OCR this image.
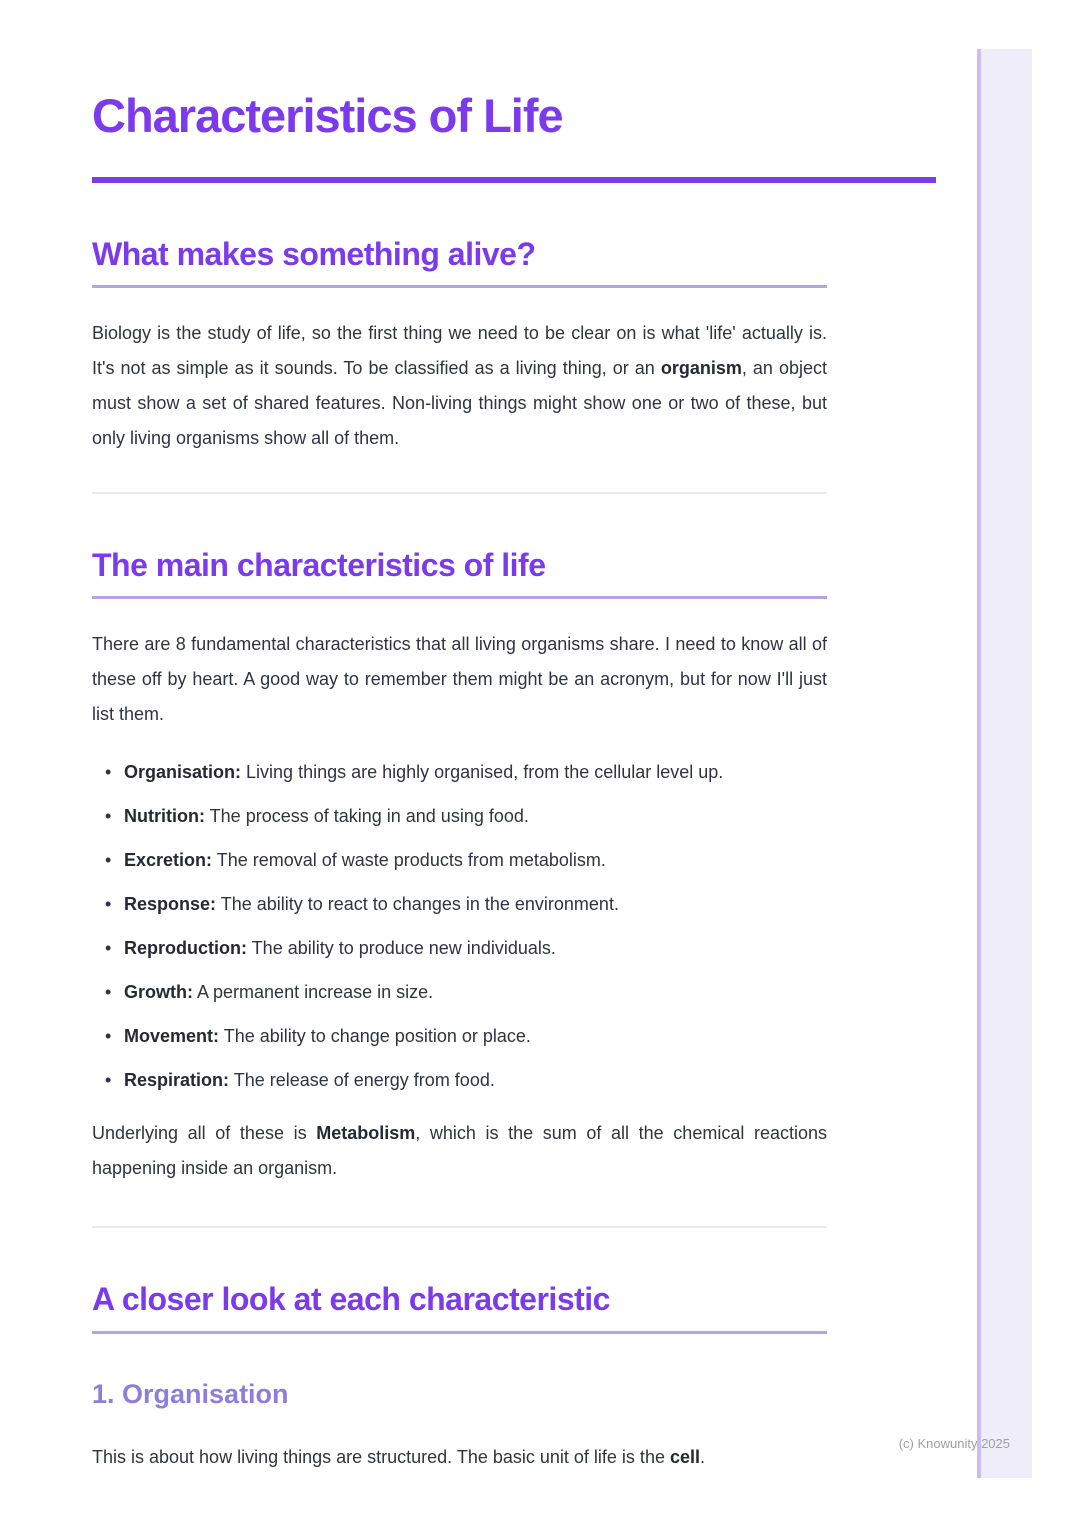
Characteristics of Life
What makes something alive?

Biology is the study of life, so the first thing we need to be clear on is what 'life' actually is. It's not as simple as it sounds. To be classified as a living thing, or an organism, an object must show a set of shared features. Non-living things might show one or two of these, but only living organisms show all of them.

The main characteristics of life

There are 8 fundamental characteristics that all living organisms share. I need to know all of these off by heart. A good way to remember them might be an acronym, but for now I'll just list them.

• Organisation: Living things are highly organised, from the cellular level up.
• Nutrition: The process of taking in and using food.
• Excretion: The removal of waste products from metabolism.
• Response: The ability to react to changes in the environment.
• Reproduction: The ability to produce new individuals.
• Growth: A permanent increase in size.
• Movement: The ability to change position or place.
• Respiration: The release of energy from food.

Underlying all of these is Metabolism, which is the sum of all the chemical reactions happening inside an organism.

A closer look at each characteristic
1. Organisation

This is about how living things are structured. The basic unit of life is the cell.

(c) Knowunity 2025
